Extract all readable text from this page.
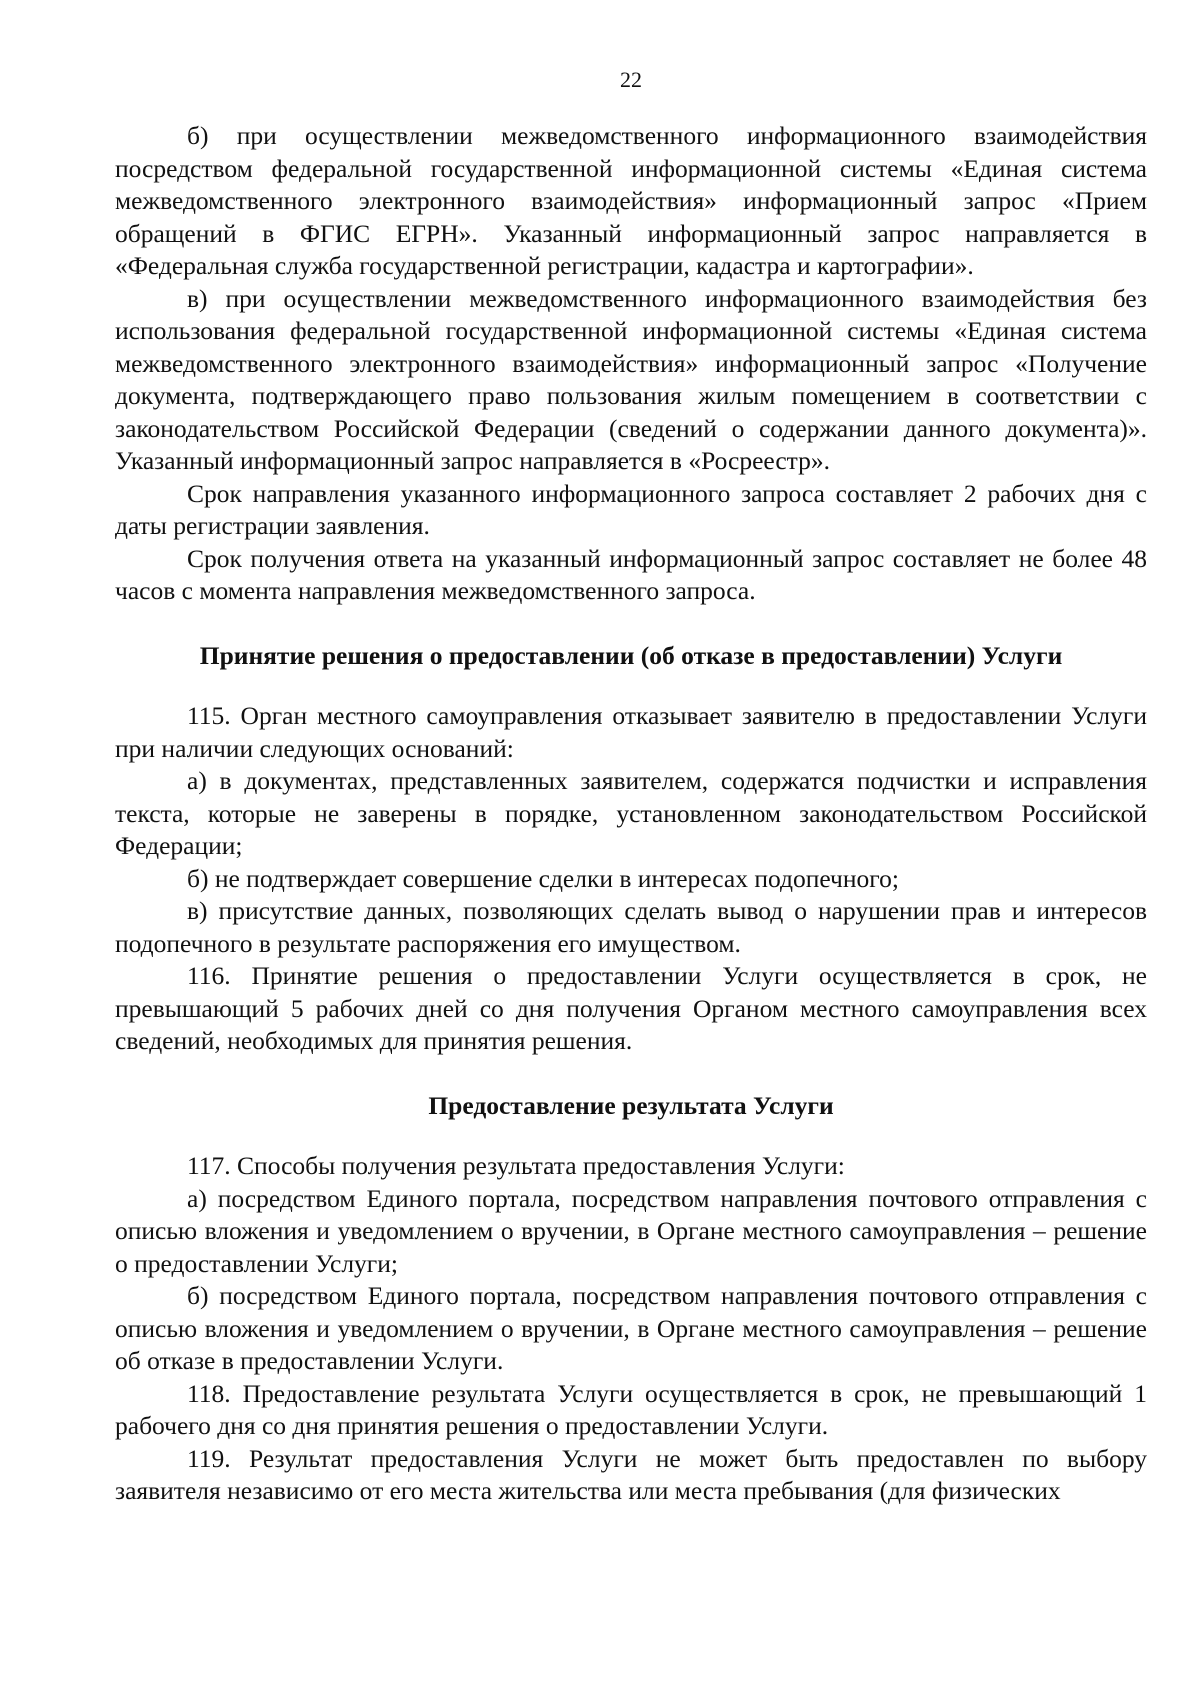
22

б) при осуществлении межведомственного информационного взаимодействия посредством федеральной государственной информационной системы «Единая система межведомственного электронного взаимодействия» информационный запрос «Прием обращений в ФГИС ЕГРН». Указанный информационный запрос направляется в «Федеральная служба государственной регистрации, кадастра и картографии».

в) при осуществлении межведомственного информационного взаимодействия без использования федеральной государственной информационной системы «Единая система межведомственного электронного взаимодействия» информационный запрос «Получение документа, подтверждающего право пользования жилым помещением в соответствии с законодательством Российской Федерации (сведений о содержании данного документа)». Указанный информационный запрос направляется в «Росреестр».

Срок направления указанного информационного запроса составляет 2 рабочих дня с даты регистрации заявления.

Срок получения ответа на указанный информационный запрос составляет не более 48 часов с момента направления межведомственного запроса.

Принятие решения о предоставлении (об отказе в предоставлении) Услуги

115. Орган местного самоуправления отказывает заявителю в предоставлении Услуги при наличии следующих оснований:

а) в документах, представленных заявителем, содержатся подчистки и исправления текста, которые не заверены в порядке, установленном законодательством Российской Федерации;

б) не подтверждает совершение сделки в интересах подопечного;

в) присутствие данных, позволяющих сделать вывод о нарушении прав и интересов подопечного в результате распоряжения его имуществом.

116. Принятие решения о предоставлении Услуги осуществляется в срок, не превышающий 5 рабочих дней со дня получения Органом местного самоуправления всех сведений, необходимых для принятия решения.

Предоставление результата Услуги

117. Способы получения результата предоставления Услуги:

а) посредством Единого портала, посредством направления почтового отправления с описью вложения и уведомлением о вручении, в Органе местного самоуправления – решение о предоставлении Услуги;

б) посредством Единого портала, посредством направления почтового отправления с описью вложения и уведомлением о вручении, в Органе местного самоуправления – решение об отказе в предоставлении Услуги.

118. Предоставление результата Услуги осуществляется в срок, не превышающий 1 рабочего дня со дня принятия решения о предоставлении Услуги.

119. Результат предоставления Услуги не может быть предоставлен по выбору заявителя независимо от его места жительства или места пребывания (для физических
